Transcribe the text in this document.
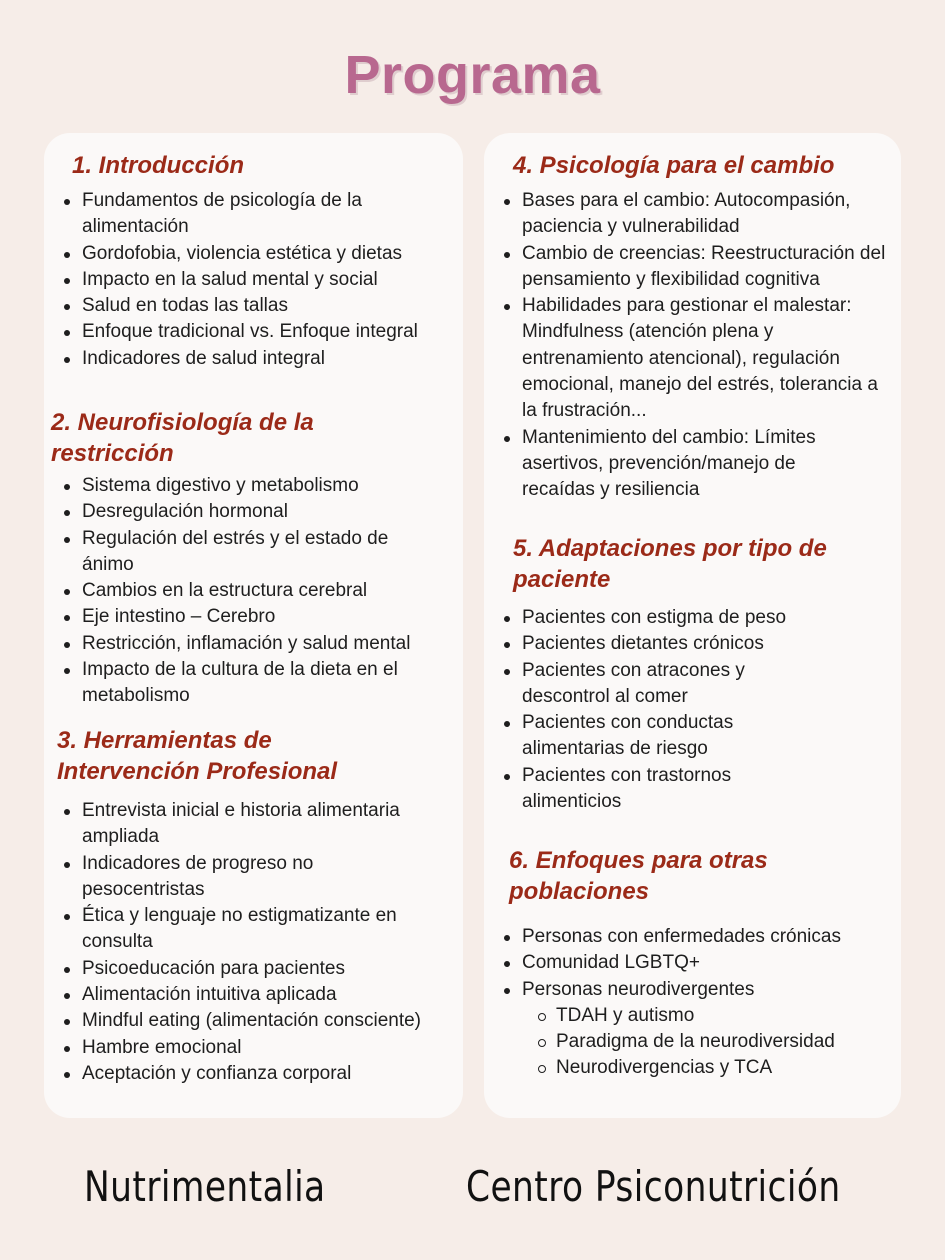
Programa
1. Introducción
Fundamentos de psicología de la alimentación
Gordofobia, violencia estética y dietas
Impacto en la salud mental y social
Salud en todas las tallas
Enfoque tradicional vs. Enfoque integral
Indicadores de salud integral
2. Neurofisiología de la restricción
Sistema digestivo y metabolismo
Desregulación hormonal
Regulación del estrés y el estado de ánimo
Cambios en la estructura cerebral
Eje intestino – Cerebro
Restricción, inflamación y salud mental
Impacto de la cultura de la dieta en el metabolismo
3. Herramientas de Intervención Profesional
Entrevista inicial e historia alimentaria ampliada
Indicadores de progreso no pesocentristas
Ética y lenguaje no estigmatizante en consulta
Psicoeducación para pacientes
Alimentación intuitiva aplicada
Mindful eating (alimentación consciente)
Hambre emocional
Aceptación y confianza corporal
4. Psicología para el cambio
Bases para el cambio: Autocompasión, paciencia y vulnerabilidad
Cambio de creencias: Reestructuración del pensamiento y flexibilidad cognitiva
Habilidades para gestionar el malestar: Mindfulness (atención plena y entrenamiento atencional), regulación emocional, manejo del estrés, tolerancia a la frustración...
Mantenimiento del cambio: Límites asertivos, prevención/manejo de recaídas y resiliencia
5. Adaptaciones por tipo de paciente
Pacientes con estigma de peso
Pacientes dietantes crónicos
Pacientes con atracones y descontrol al comer
Pacientes con conductas alimentarias de riesgo
Pacientes con trastornos alimenticios
6. Enfoques para otras poblaciones
Personas con enfermedades crónicas
Comunidad LGBTQ+
Personas neurodivergentes
TDAH y autismo
Paradigma de la neurodiversidad
Neurodivergencias y TCA
Nutrimentalia	Centro Psiconutrición
